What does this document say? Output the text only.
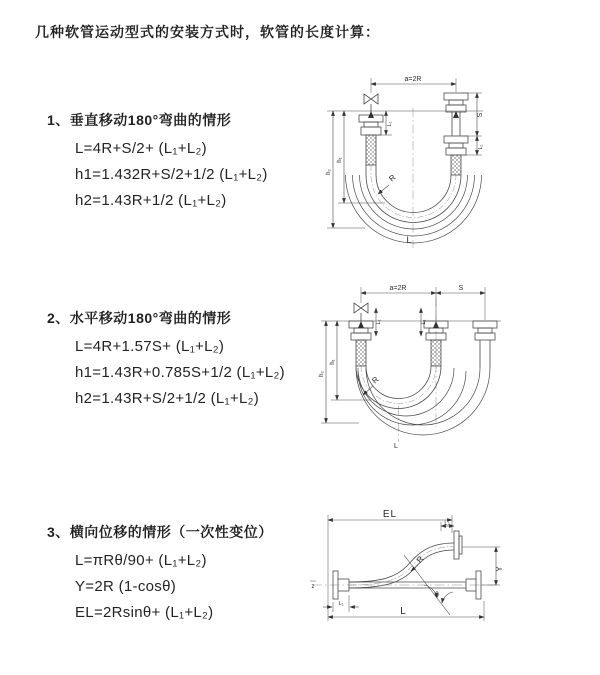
几种软管运动型式的安装方式时，软管的长度计算：
1、垂直移动180°弯曲的情形
L=4R+S/2+ (L₁+L₂)
h1=1.432R+S/2+1/2 (L₁+L₂)
h2=1.43R+1/2 (L₁+L₂)
2、水平移动180°弯曲的情形
L=4R+1.57S+ (L₁+L₂)
h1=1.43R+0.785S+1/2 (L₁+L₂)
h2=1.43R+S/2+1/2 (L₁+L₂)
3、横向位移的情形（一次性变位）
L=πRθ/90+ (L₁+L₂)
Y=2R (1-cosθ)
EL=2Rsinθ+ (L₁+L₂)
a=2R
S
L₁
h₂
h₁
L₁
R
L
a=2R	S
h₂
h₁
L₁	L₁
R
L
EL
L₂
Y
R
θ
L
L₁
z
